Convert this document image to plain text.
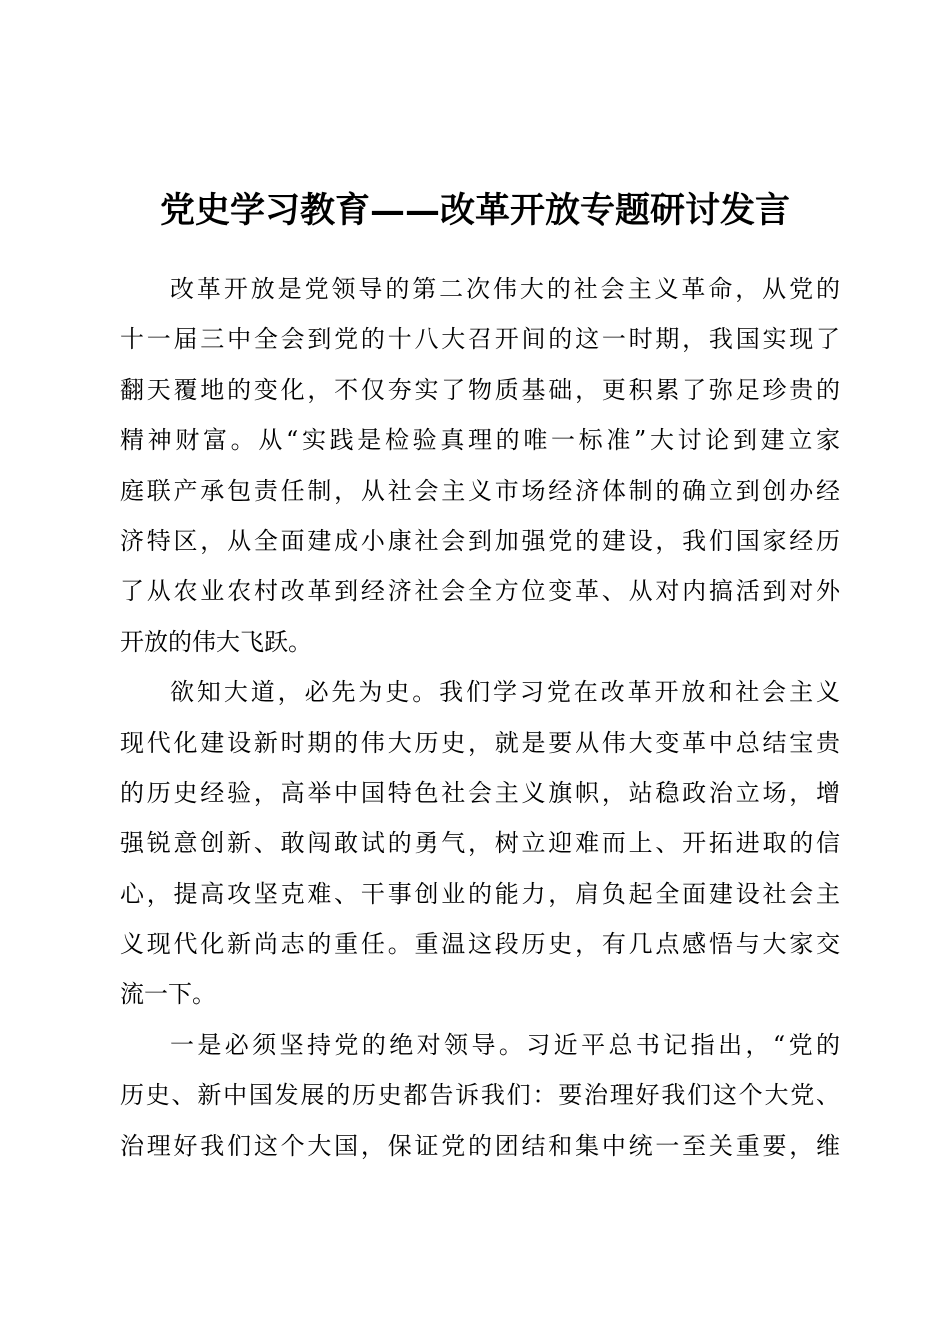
党史学习教育——改革开放专题研讨发言
改革开放是党领导的第二次伟大的社会主义革命，从党的
十一届三中全会到党的十八大召开间的这一时期，我国实现了
翻天覆地的变化，不仅夯实了物质基础，更积累了弥足珍贵的
精神财富。从“实践是检验真理的唯一标准”大讨论到建立家
庭联产承包责任制，从社会主义市场经济体制的确立到创办经
济特区，从全面建成小康社会到加强党的建设，我们国家经历
了从农业农村改革到经济社会全方位变革、从对内搞活到对外
开放的伟大飞跃。
欲知大道，必先为史。我们学习党在改革开放和社会主义
现代化建设新时期的伟大历史，就是要从伟大变革中总结宝贵
的历史经验，高举中国特色社会主义旗帜，站稳政治立场，增
强锐意创新、敢闯敢试的勇气，树立迎难而上、开拓进取的信
心，提高攻坚克难、干事创业的能力，肩负起全面建设社会主
义现代化新尚志的重任。重温这段历史，有几点感悟与大家交
流一下。
一是必须坚持党的绝对领导。习近平总书记指出，“党的
历史、新中国发展的历史都告诉我们：要治理好我们这个大党、
治理好我们这个大国，保证党的团结和集中统一至关重要，维
